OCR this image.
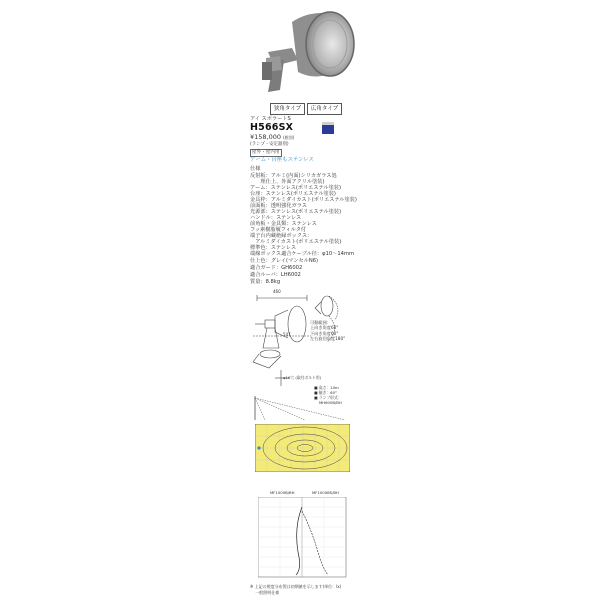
狭角タイプ	広角タイプ
アイ スポラートS
H566SX
¥158,000 (税別)
(ランプ・安定器別)
屋外・屋内用
アーム・台座もステンレス
仕様
反射板：アルミ(内面)シリカガラス処
　　理仕上、外面アクリル塗装)
アーム：ステンレス(ポリエステル塗装)
台座：ステンレス(ポリエステル塗装)
金具枠：アルミダイカスト(ポリエステル塗装)
前面板：透明強化ガラス
光源部：ステンレス(ポリエステル塗装)
ハンドル：ステンレス
前角板・金具類：ステンレス
フッ素樹脂履フィルタ付
端子台内蔵絶縁ボックス：
　アルミダイカスト(ポリエステル塗装)
標準色：ステンレス
端線ボックス適合ケーブル径：φ10〜14mm
仕上色：グレイ(マンセルN6)
適合ガード：GH6002
適合ルーバ：LH6002
質量：8.8kg
460
547
可動範囲：
上向き角度60°
下向き角度60°
左右旋回角度180°
φ16穴 (取付ボルト用)
■ 高さ：10m
■ 傾き：60°
■ ランプ形式：
MH600B/BH
MF1000B/BH	MF1000BS/BH
※ 上記の照度分布図は初期値を示します(単位：lx)
　 一般照明仕様
